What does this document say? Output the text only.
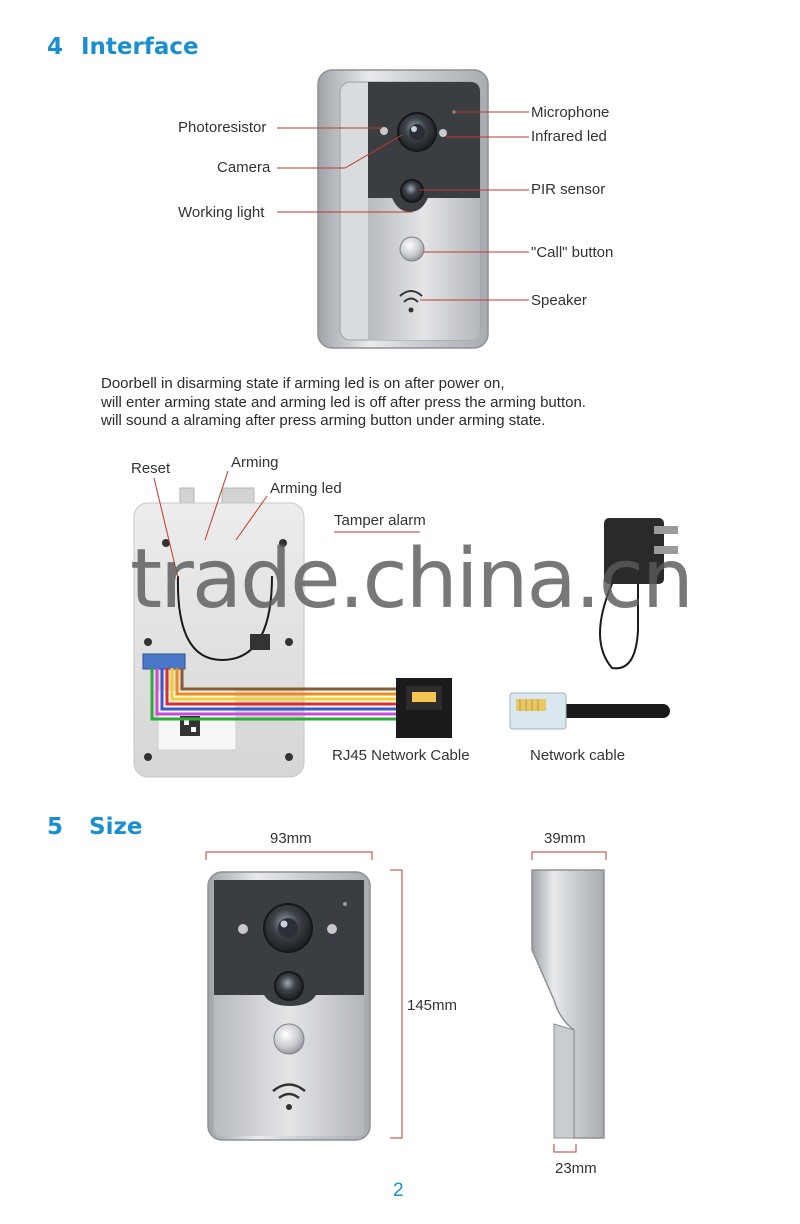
4 Interface
5 Size
Photoresistor
Camera
Working light
Microphone
Infrared led
PIR sensor
"Call" button
Speaker
Doorbell in disarming state if arming led is on after power on,
will enter arming state and arming led is off after press the arming button.
will sound a alraming after press arming button under arming state.
Reset	Arming
Arming led
Tamper alarm
RJ45 Network Cable	Network cable
trade.china.cn
93mm
145mm
39mm
23mm
2
